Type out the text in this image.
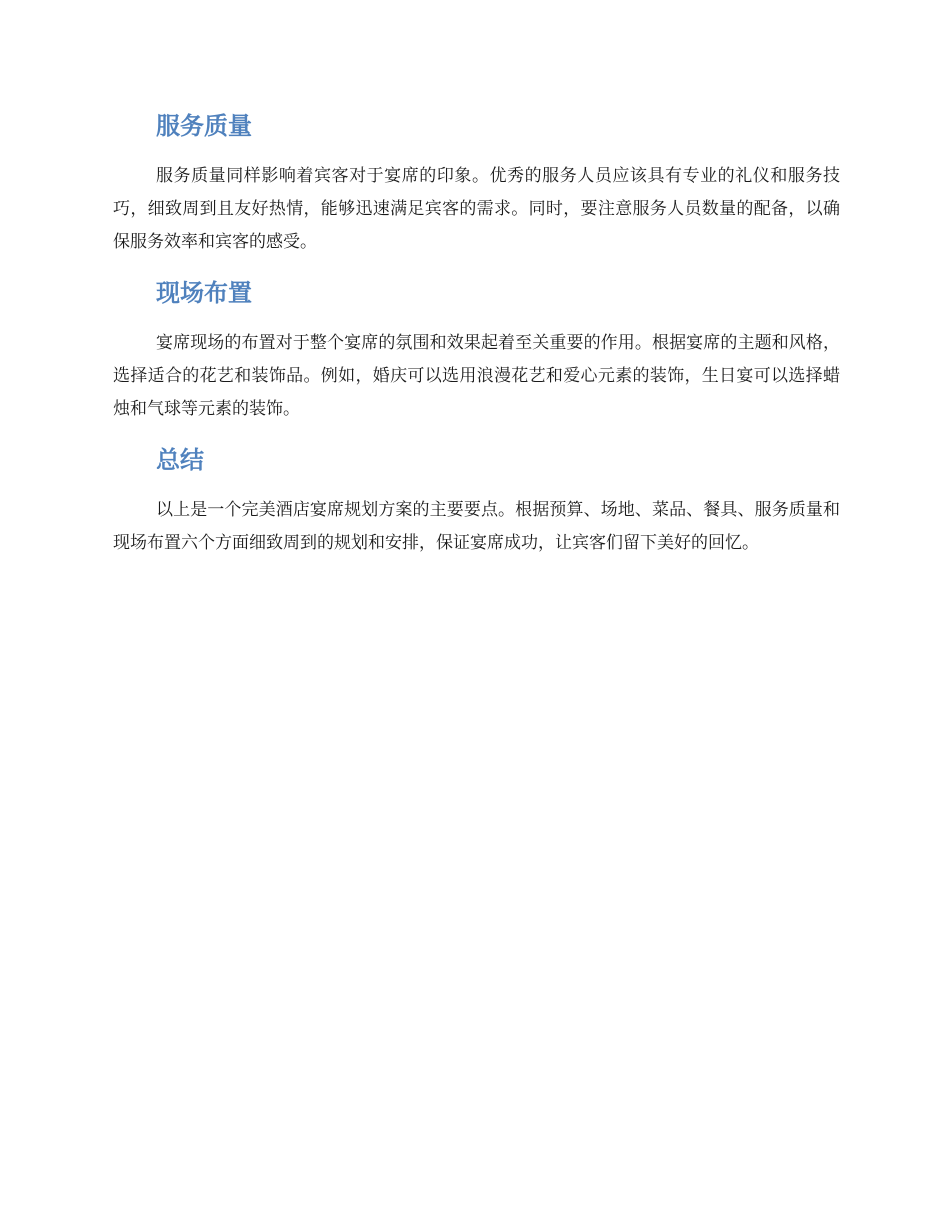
服务质量

服务质量同样影响着宾客对于宴席的印象。优秀的服务人员应该具有专业的礼仪和服务技巧，细致周到且友好热情，能够迅速满足宾客的需求。同时，要注意服务人员数量的配备，以确保服务效率和宾客的感受。

现场布置

宴席现场的布置对于整个宴席的氛围和效果起着至关重要的作用。根据宴席的主题和风格，选择适合的花艺和装饰品。例如，婚庆可以选用浪漫花艺和爱心元素的装饰，生日宴可以选择蜡烛和气球等元素的装饰。

总结

以上是一个完美酒店宴席规划方案的主要要点。根据预算、场地、菜品、餐具、服务质量和现场布置六个方面细致周到的规划和安排，保证宴席成功，让宾客们留下美好的回忆。
